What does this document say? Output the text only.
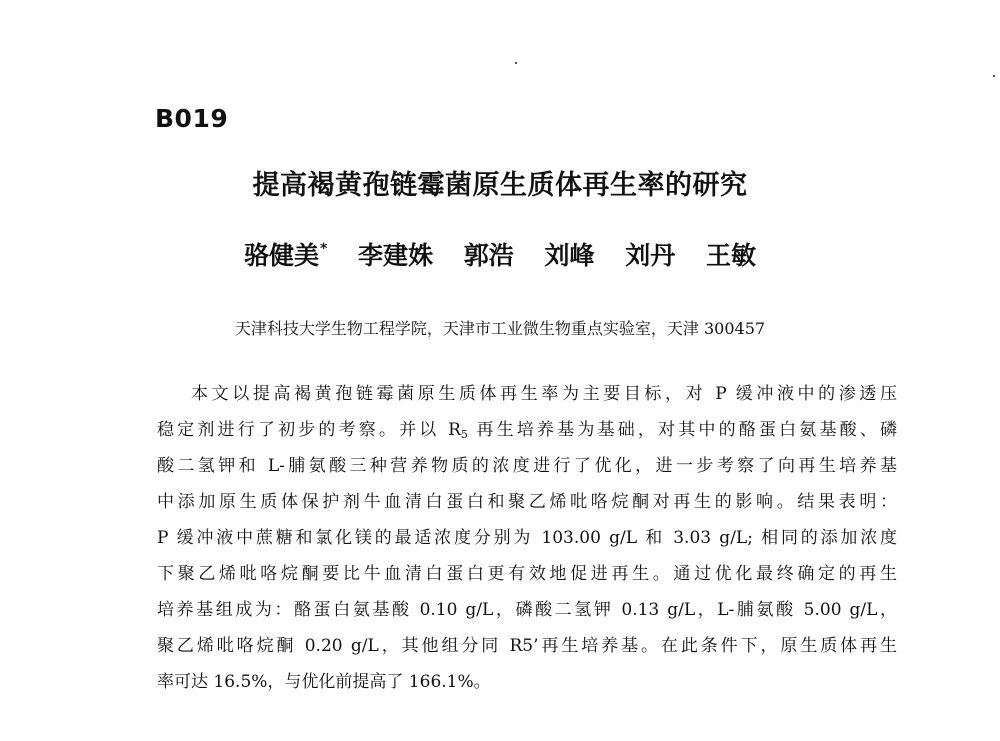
B019
提高褐黄孢链霉菌原生质体再生率的研究
骆健美* 李建姝 郭浩 刘峰 刘丹 王敏
天津科技大学生物工程学院，天津市工业微生物重点实验室，天津 300457
本文以提高褐黄孢链霉菌原生质体再生率为主要目标，对 P 缓冲液中的渗透压
稳定剂进行了初步的考察。并以 $R_5$ 再生培养基为基础，对其中的酪蛋白氨基酸、磷
酸二氢钾和 L-脯氨酸三种营养物质的浓度进行了优化，进一步考察了向再生培养基
中添加原生质体保护剂牛血清白蛋白和聚乙烯吡咯烷酮对再生的影响。结果表明：
P 缓冲液中蔗糖和氯化镁的最适浓度分别为 103.00 g/L 和 3.03 g/L; 相同的添加浓度
下聚乙烯吡咯烷酮要比牛血清白蛋白更有效地促进再生。通过优化最终确定的再生
培养基组成为：酪蛋白氨基酸 0.10 g/L，磷酸二氢钾 0.13 g/L，L-脯氨酸 5.00 g/L，
聚乙烯吡咯烷酮 0.20 g/L，其他组分同 R5’再生培养基。在此条件下，原生质体再生
率可达 16.5%，与优化前提高了 166.1%。
